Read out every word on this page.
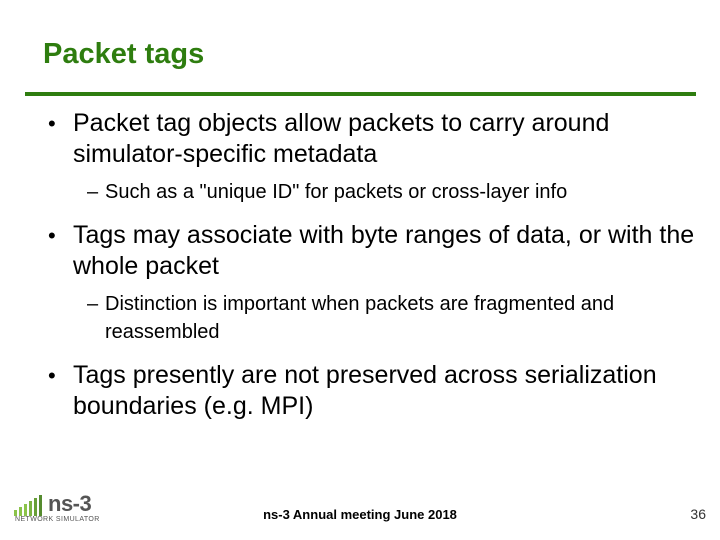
Packet tags
• Packet tag objects allow packets to carry around simulator-specific metadata
– Such as a "unique ID" for packets or cross-layer info
• Tags may associate with byte ranges of data, or with the whole packet
– Distinction is important when packets are fragmented and reassembled
• Tags presently are not preserved across serialization boundaries (e.g. MPI)
ns-3
NETWORK SIMULATOR	ns-3 Annual meeting June 2018	36
